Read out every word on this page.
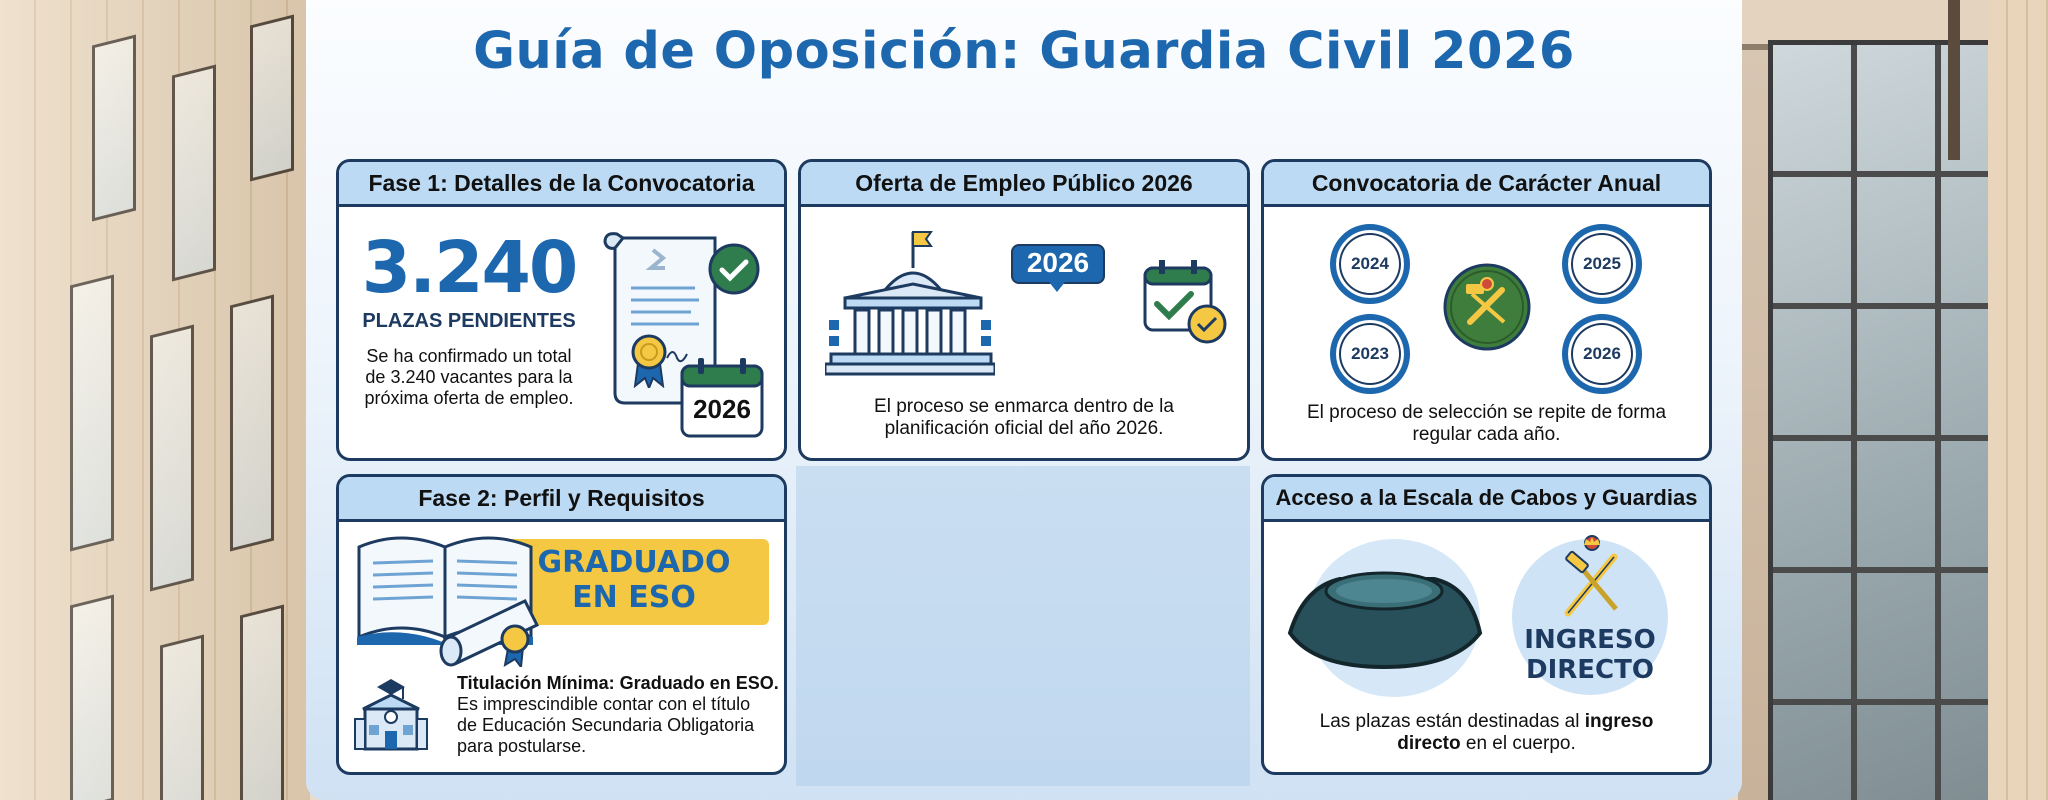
Guía de Oposición: Guardia Civil 2026
Fase 1: Detalles de la Convocatoria
3.240
PLAZAS PENDIENTES
Se ha confirmado un total
de 3.240 vacantes para la
próxima oferta de empleo.	2026
Oferta de Empleo Público 2026
2026
El proceso se enmarca dentro de la
planificación oficial del año 2026.
Convocatoria de Carácter Anual
2024	2025
2023	2026
El proceso de selección se repite de forma
regular cada año.
Fase 2: Perfil y Requisitos
GRADUADO
EN ESO
Titulación Mínima: Graduado en ESO.
Es imprescindible contar con el título
de Educación Secundaria Obligatoria
para postularse.
Acceso a la Escala de Cabos y Guardias
INGRESO
DIRECTO
Las plazas están destinadas al ingreso
directo en el cuerpo.
